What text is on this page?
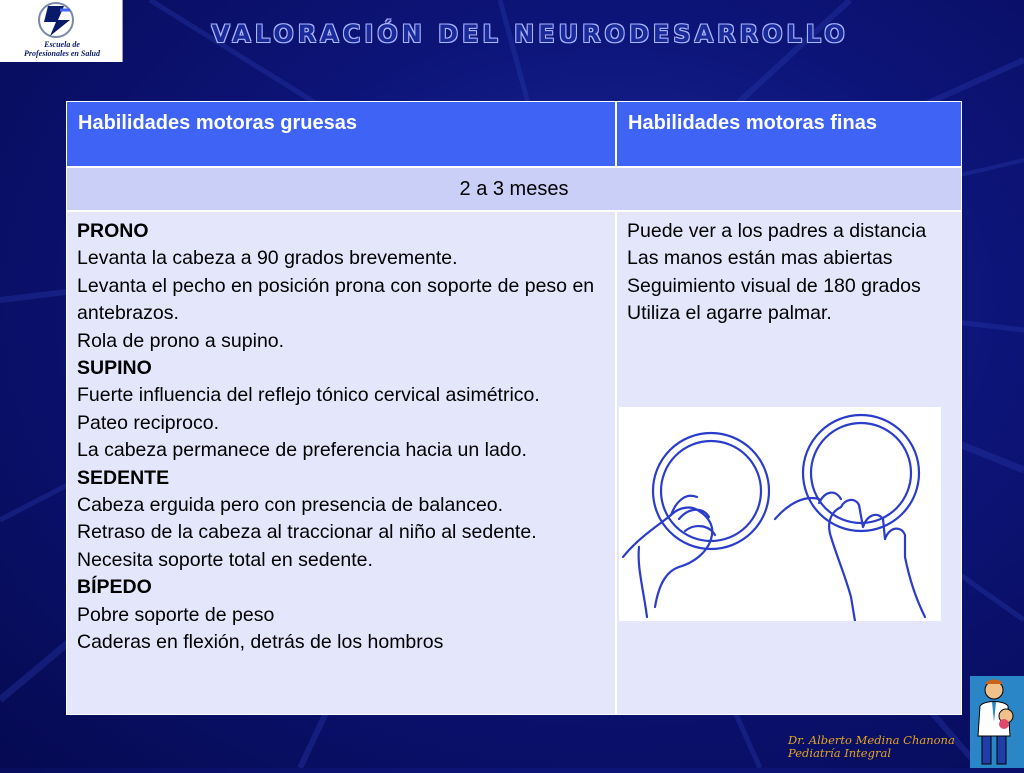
Escuela de
Profesionales en Salud
VALORACIÓN DEL NEURODESARROLLO
Habilidades motoras gruesas	Habilidades motoras finas
2 a 3 meses
PRONO
Levanta la cabeza a 90 grados brevemente.
Levanta el pecho en posición prona con soporte de peso en antebrazos.
Rola de prono a supino.
SUPINO
Fuerte influencia del reflejo tónico cervical asimétrico.
Pateo reciproco.
La cabeza permanece de preferencia hacia un lado.
SEDENTE
Cabeza erguida pero con presencia de balanceo.
Retraso de la cabeza al traccionar al niño al sedente.
Necesita soporte total en sedente.
BÍPEDO
Pobre soporte de peso
Caderas en flexión, detrás de los hombros
Puede ver a los padres a distancia
Las manos están mas abiertas
Seguimiento visual de 180 grados
Utiliza el agarre palmar.
Dr. Alberto Medina Chanona
Pediatría Integral
